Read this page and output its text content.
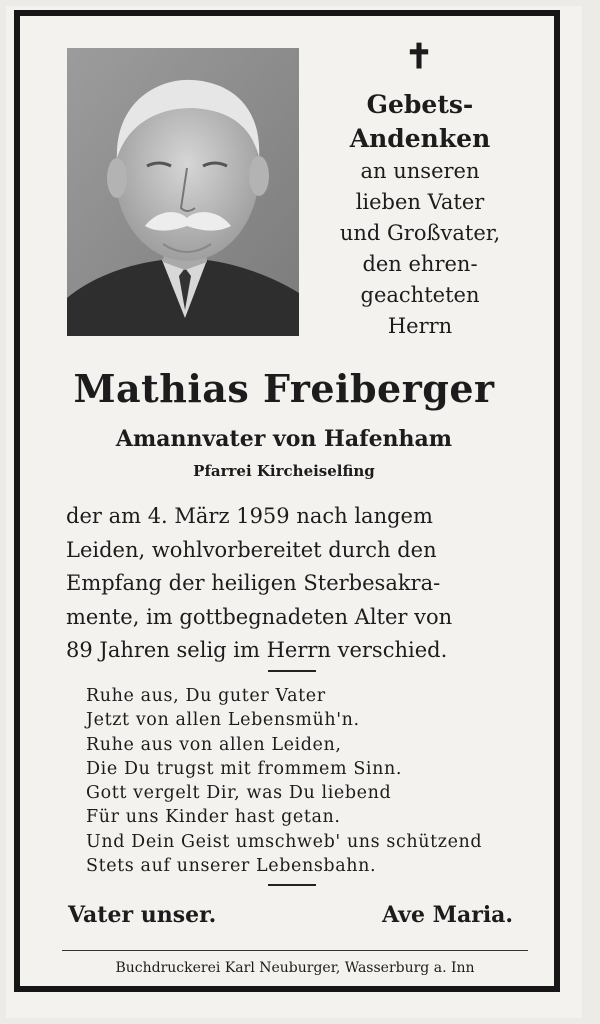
✝
Gebets-
Andenken
an unseren
lieben Vater
und Großvater,
den ehren-
geachteten
Herrn
Mathias Freiberger
Amannvater von Hafenham
Pfarrei Kircheiselfing
der am 4. März 1959 nach langem
Leiden, wohlvorbereitet durch den
Empfang der heiligen Sterbesakra-
mente, im gottbegnadeten Alter von
89 Jahren selig im Herrn verschied.
Ruhe aus, Du guter Vater
Jetzt von allen Lebensmüh'n.
Ruhe aus von allen Leiden,
Die Du trugst mit frommem Sinn.
Gott vergelt Dir, was Du liebend
Für uns Kinder hast getan.
Und Dein Geist umschweb' uns schützend
Stets auf unserer Lebensbahn.
Vater unser.	Ave Maria.
Buchdruckerei Karl Neuburger, Wasserburg a. Inn
